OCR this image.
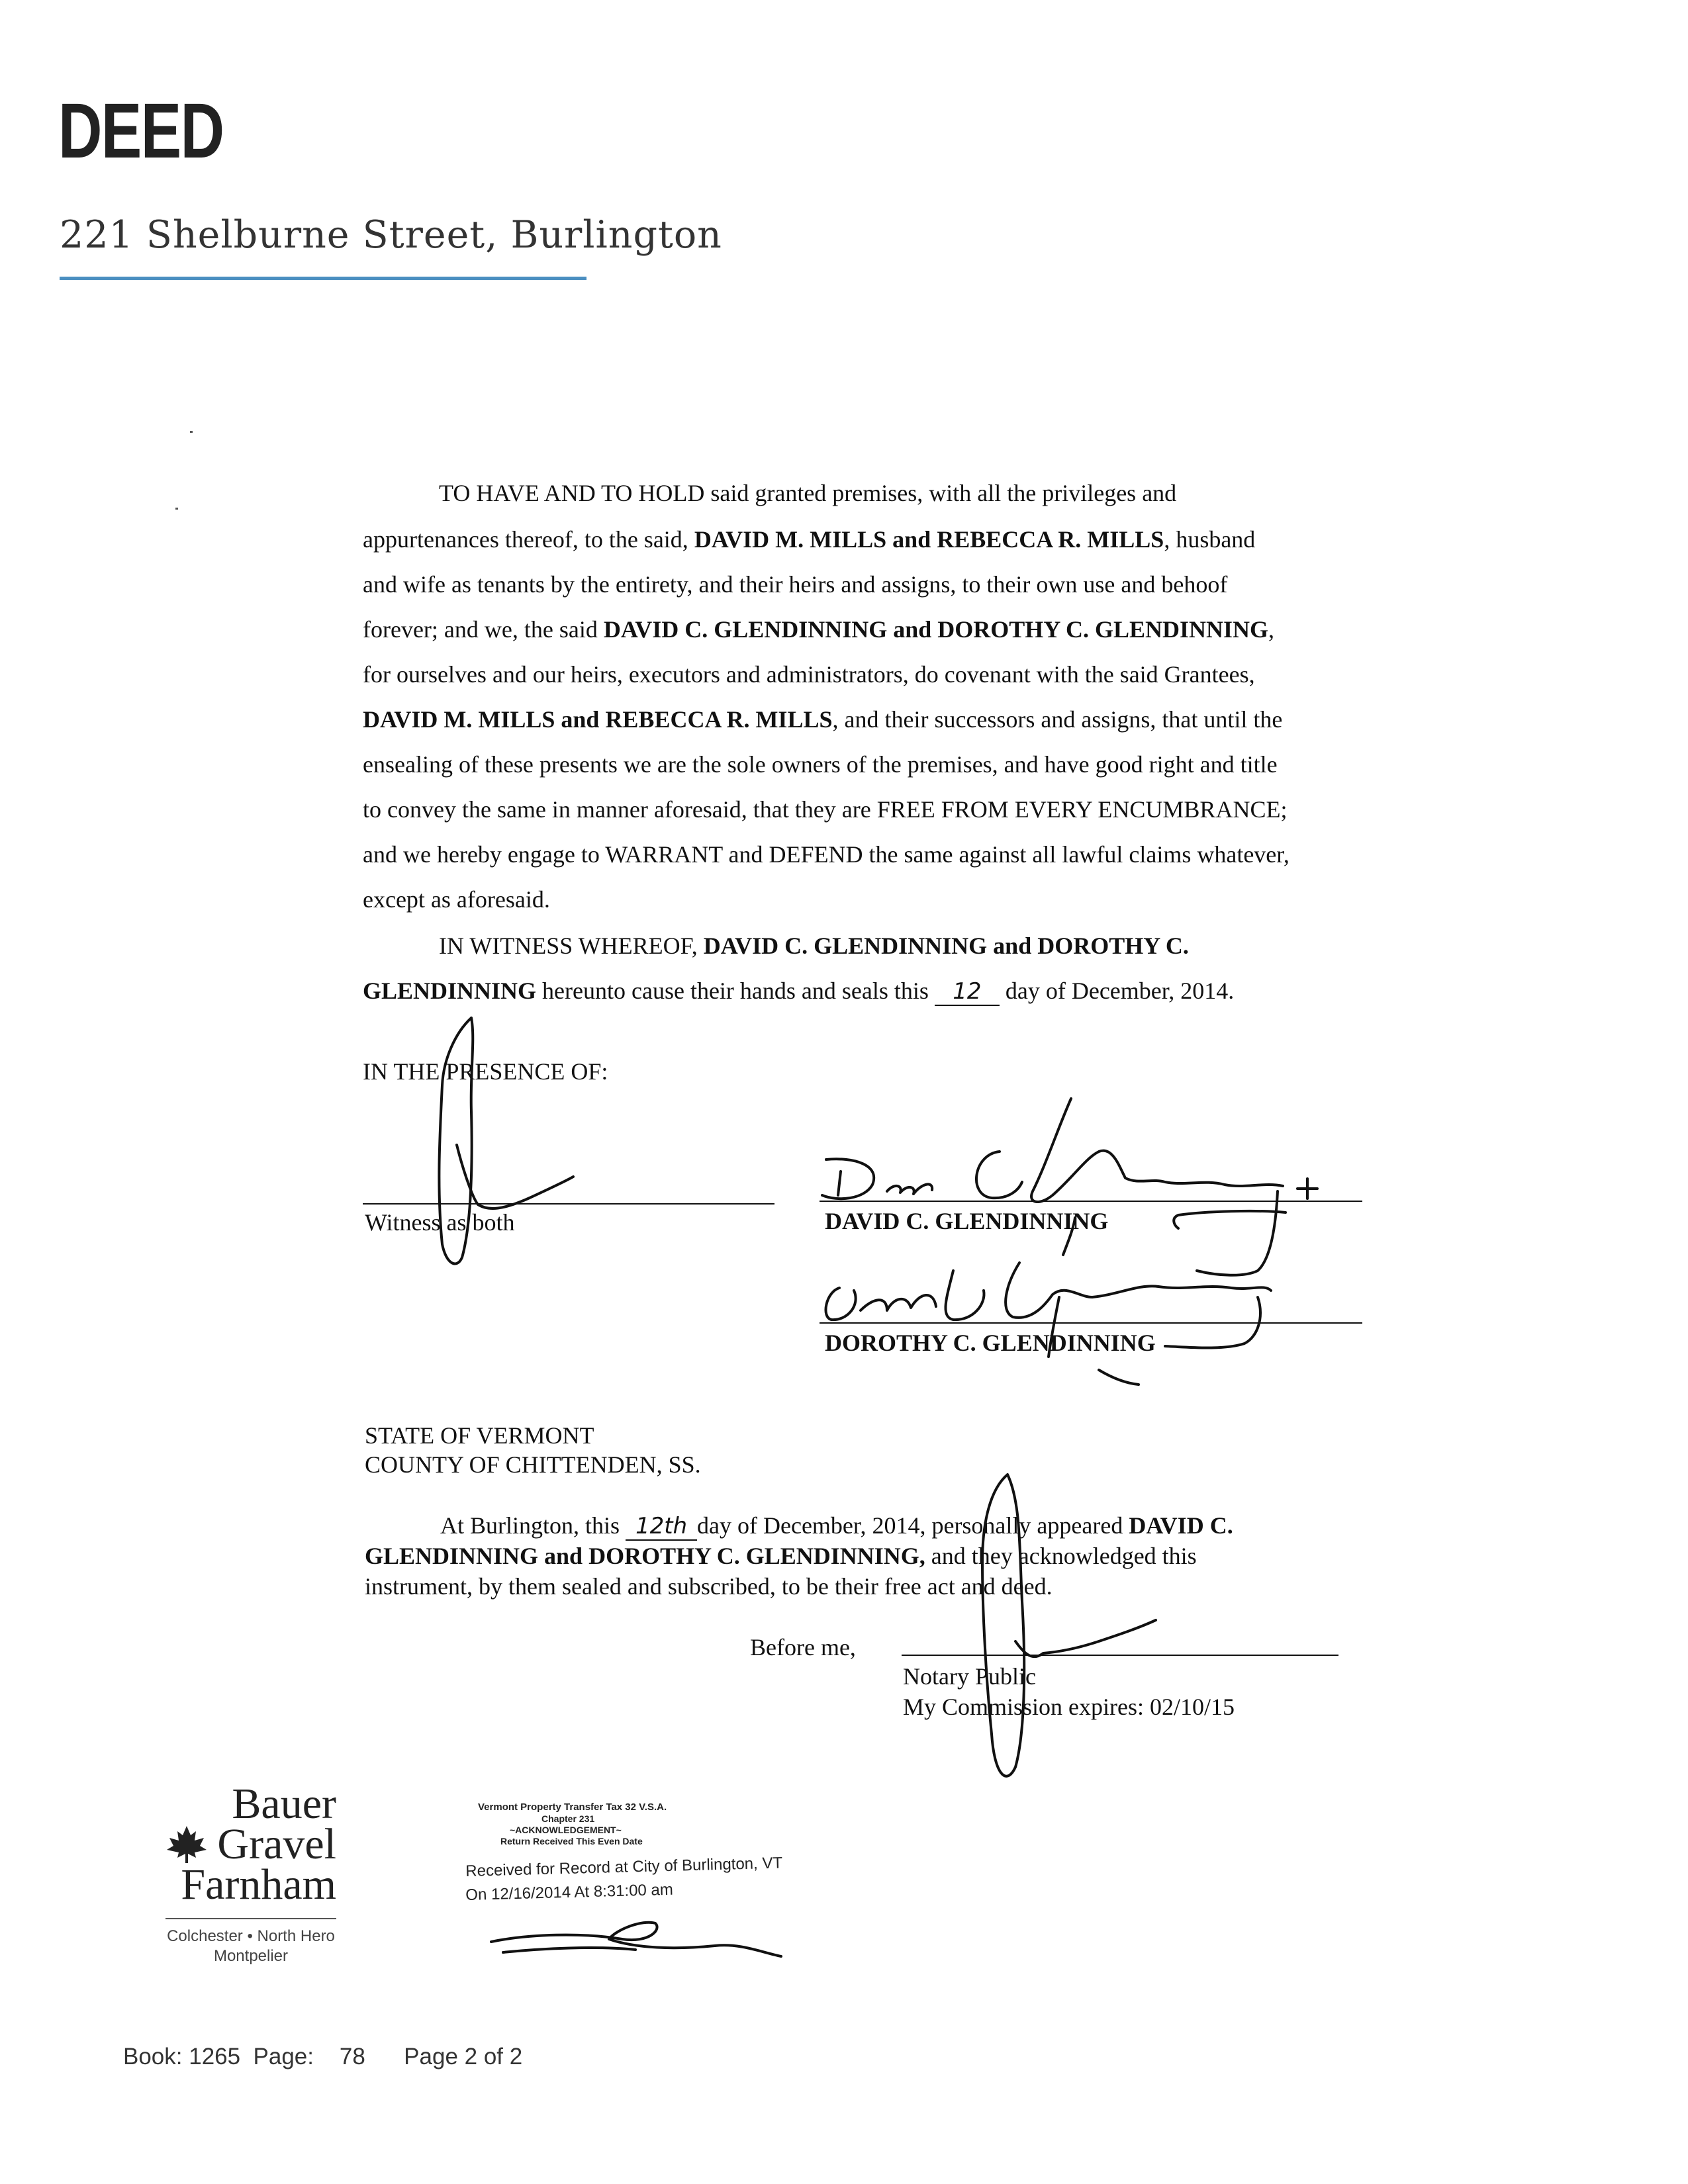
DEED
221 Shelburne Street, Burlington
TO HAVE AND TO HOLD said granted premises, with all the privileges and
appurtenances thereof, to the said, DAVID M. MILLS and REBECCA R. MILLS, husband
and wife as tenants by the entirety, and their heirs and assigns, to their own use and behoof
forever; and we, the said DAVID C. GLENDINNING and DOROTHY C. GLENDINNING,
for ourselves and our heirs, executors and administrators, do covenant with the said Grantees,
DAVID M. MILLS and REBECCA R. MILLS, and their successors and assigns, that until the
ensealing of these presents we are the sole owners of the premises, and have good right and title
to convey the same in manner aforesaid, that they are FREE FROM EVERY ENCUMBRANCE;
and we hereby engage to WARRANT and DEFEND the same against all lawful claims whatever,
except as aforesaid.
IN WITNESS WHEREOF, DAVID C. GLENDINNING and DOROTHY C.
GLENDINNING hereunto cause their hands and seals this 12 day of December, 2014.
IN THE PRESENCE OF:
Witness as both	DAVID C. GLENDINNING
DOROTHY C. GLENDINNING
STATE OF VERMONT
COUNTY OF CHITTENDEN, SS.
At Burlington, this 12th day of December, 2014, personally appeared DAVID C.
GLENDINNING and DOROTHY C. GLENDINNING, and they acknowledged this
instrument, by them sealed and subscribed, to be their free act and deed.
Before me,
Notary Public
My Commission expires: 02/10/15
Bauer
Gravel
Farnham
Colchester • North Hero
Montpelier
Vermont Property Transfer Tax 32 V.S.A.
Chapter 231
~ACKNOWLEDGEMENT~
Return Received This Even Date
Received for Record at City of Burlington, VT
On 12/16/2014 At 8:31:00 am
Book: 1265  Page:    78      Page 2 of 2
